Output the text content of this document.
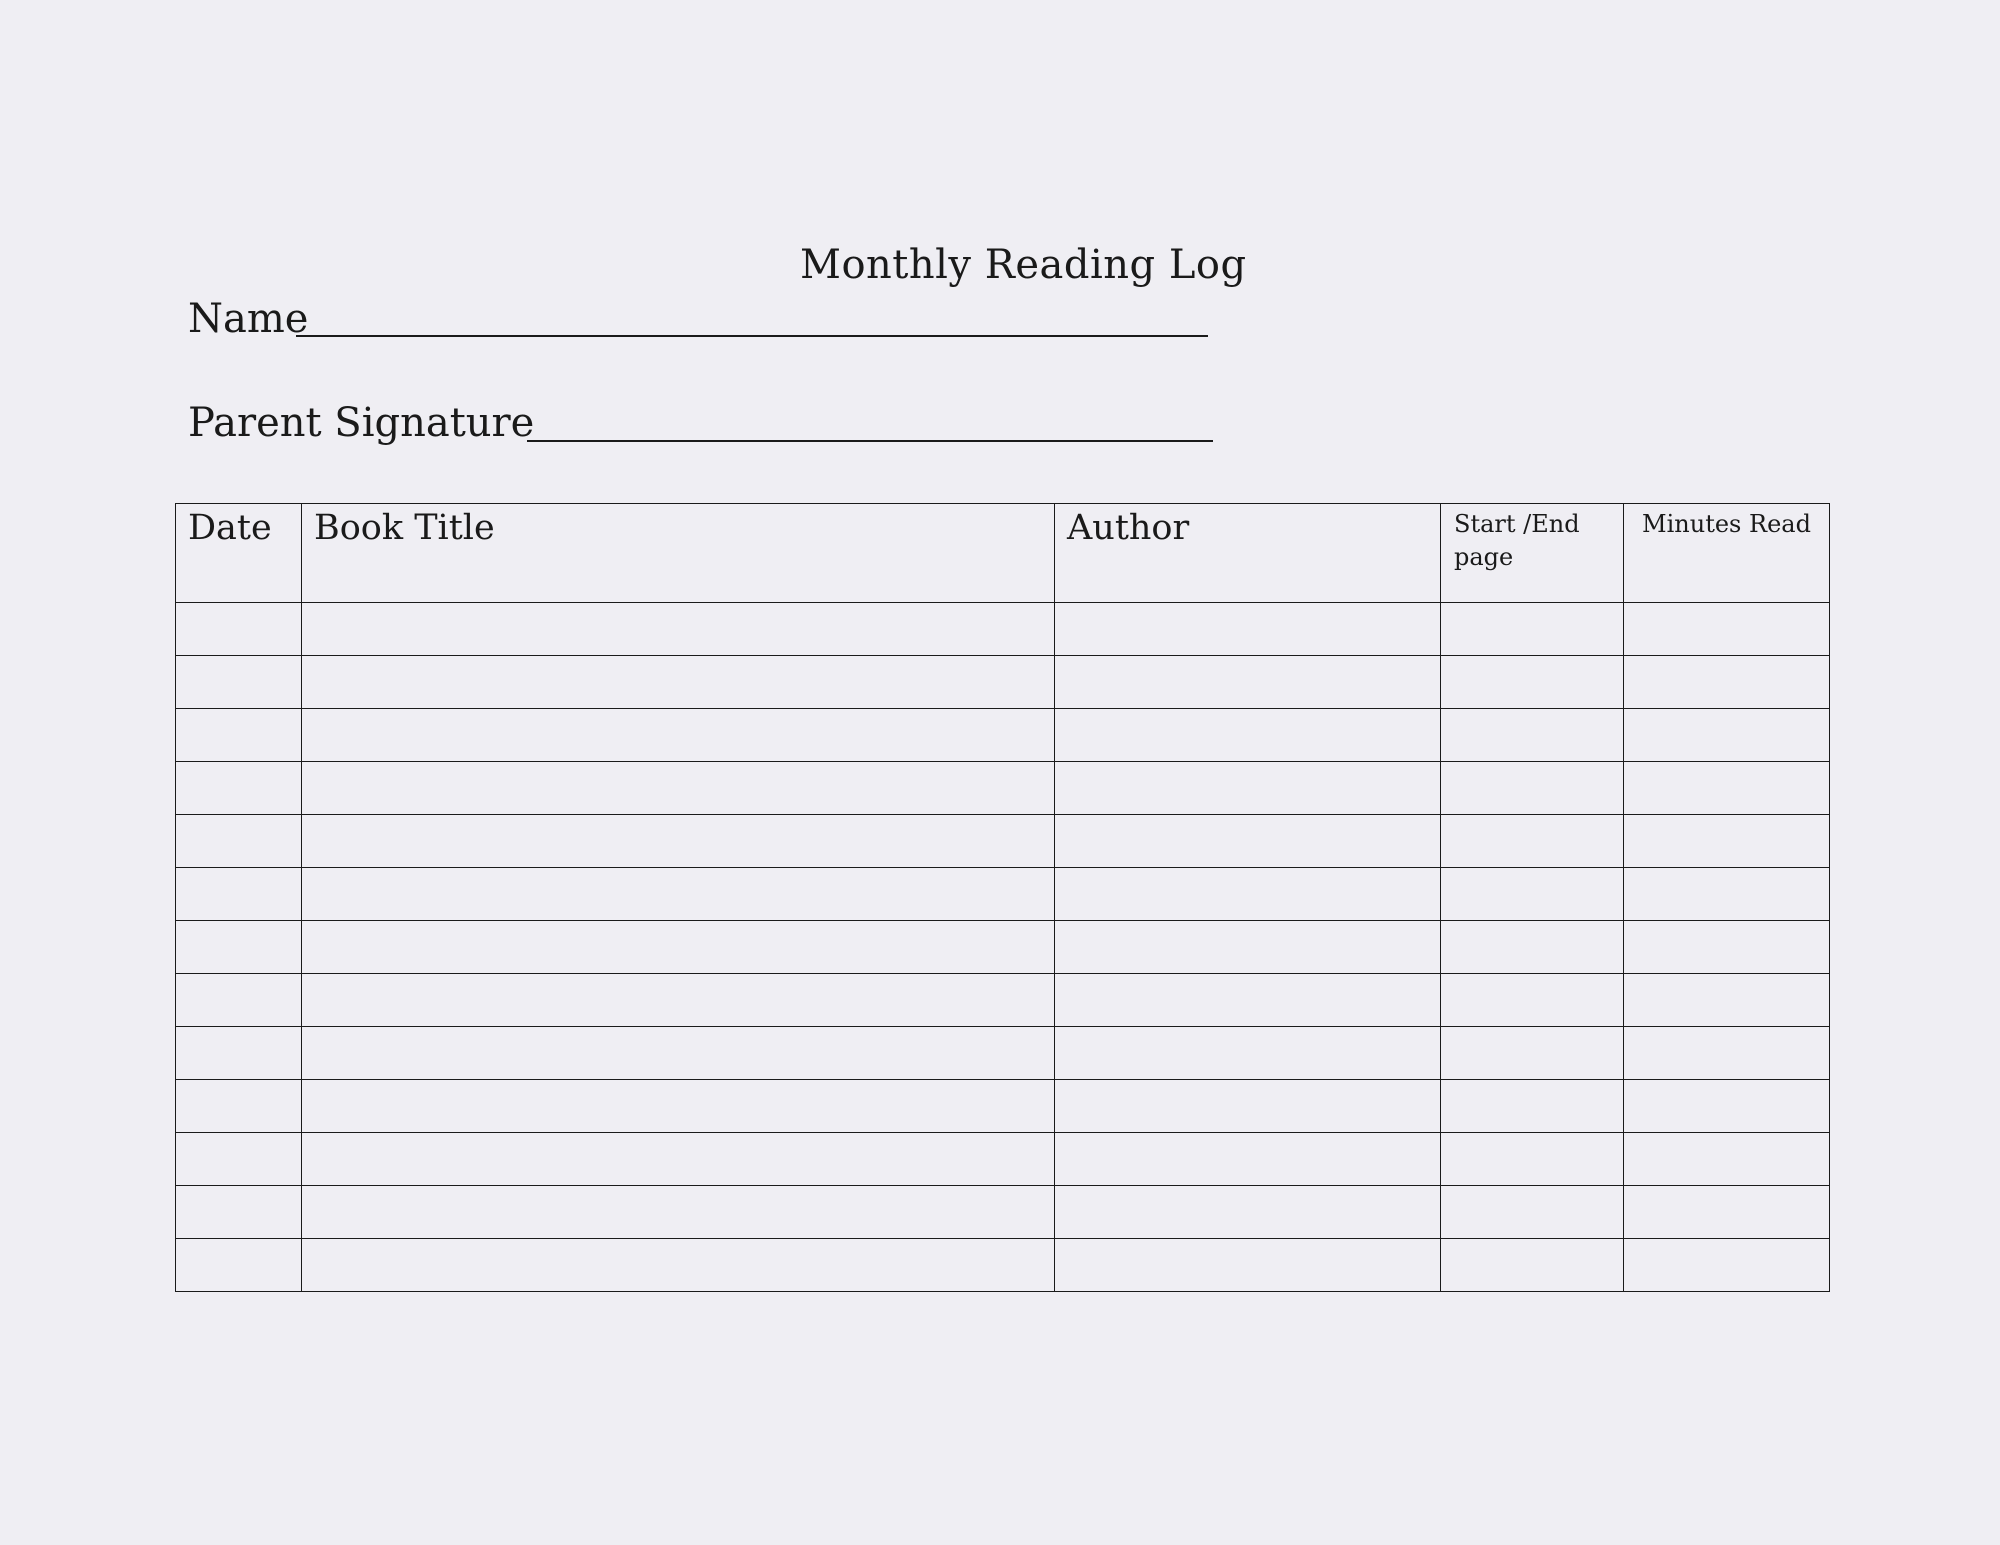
Monthly Reading Log
Name
Parent Signature
Date	Book Title	Author	Start /End page	Minutes Read
